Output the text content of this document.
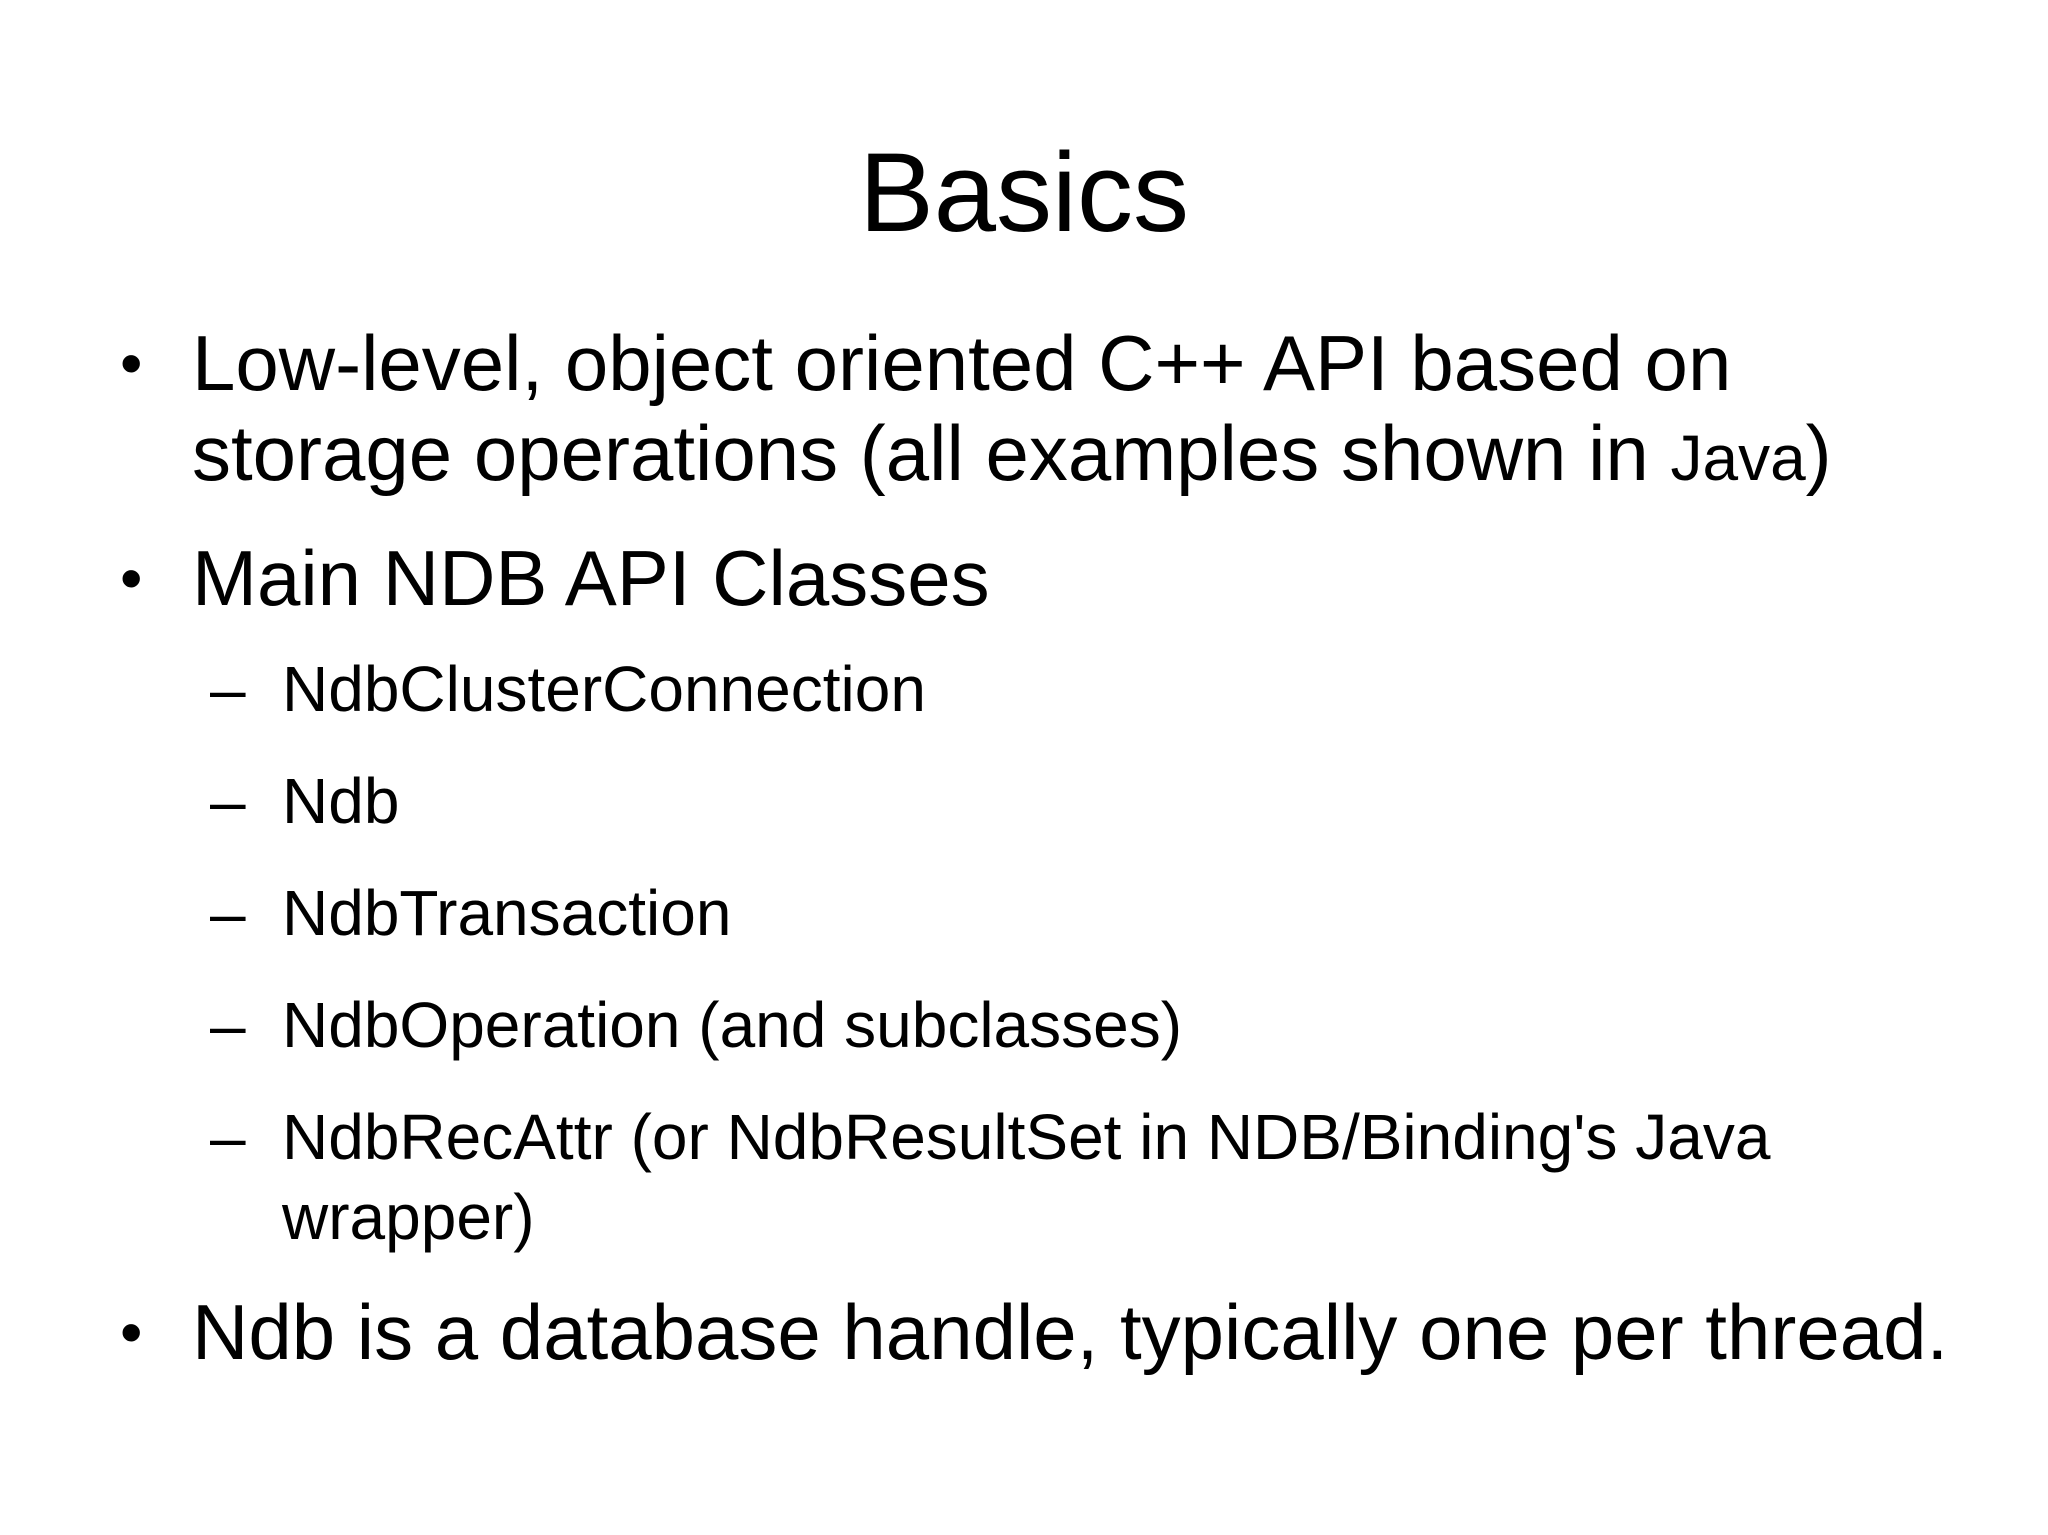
Basics
• Low-level, object oriented C++ API based on storage operations (all examples shown in Java)
• Main NDB API Classes
– NdbClusterConnection
– Ndb
– NdbTransaction
– NdbOperation (and subclasses)
– NdbRecAttr (or NdbResultSet in NDB/Binding's Java wrapper)
• Ndb is a database handle, typically one per thread.
